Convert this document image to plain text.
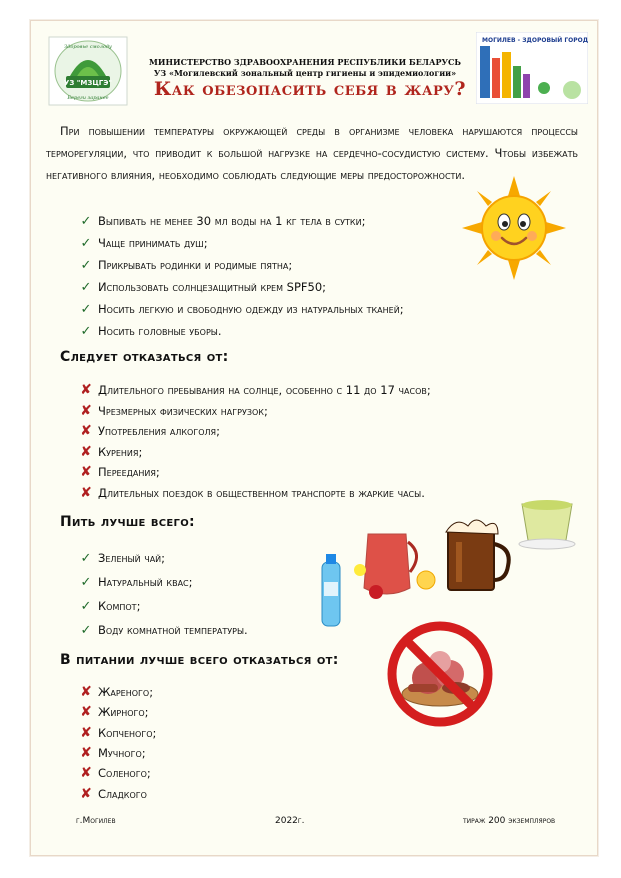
УЗ "МЗЦГЭ"
Здоровье смолоду
Береги заранее
МОГИЛЕВ - ЗДОРОВЫЙ ГОРОД
МИНИСТЕРСТВО ЗДРАВООХРАНЕНИЯ РЕСПУБЛИКИ БЕЛАРУСЬ
УЗ «Могилевский зональный центр гигиены и эпидемиологии»
Как обезопасить себя в жару?
При повышении температуры окружающей среды в организме человека нарушаются процессы терморегуляции, что приводит к большой нагрузке на сердечно-сосудистую систему. Чтобы избежать негативного влияния, необходимо соблюдать следующие меры предосторожности.
✓ Выпивать не менее 30 мл воды на 1 кг тела в сутки;
✓ Чаще принимать душ;
✓ Прикрывать родинки и родимые пятна;
✓ Использовать солнцезащитный крем SPF50;
✓ Носить легкую и свободную одежду из натуральных тканей;
✓ Носить головные уборы.
Следует отказаться от:
✘ Длительного пребывания на солнце, особенно с 11 до 17 часов;
✘ Чрезмерных физических нагрузок;
✘ Употребления алкоголя;
✘ Курения;
✘ Переедания;
✘ Длительных поездок в общественном транспорте в жаркие часы.
Пить лучше всего:
✓ Зеленый чай;
✓ Натуральный квас;
✓ Компот;
✓ Воду комнатной температуры.
В питании лучше всего отказаться от:
✘ Жареного;
✘ Жирного;
✘ Копченого;
✘ Мучного;
✘ Соленого;
✘ Сладкого
г.Могилев	2022г.	тираж 200 экземпляров
